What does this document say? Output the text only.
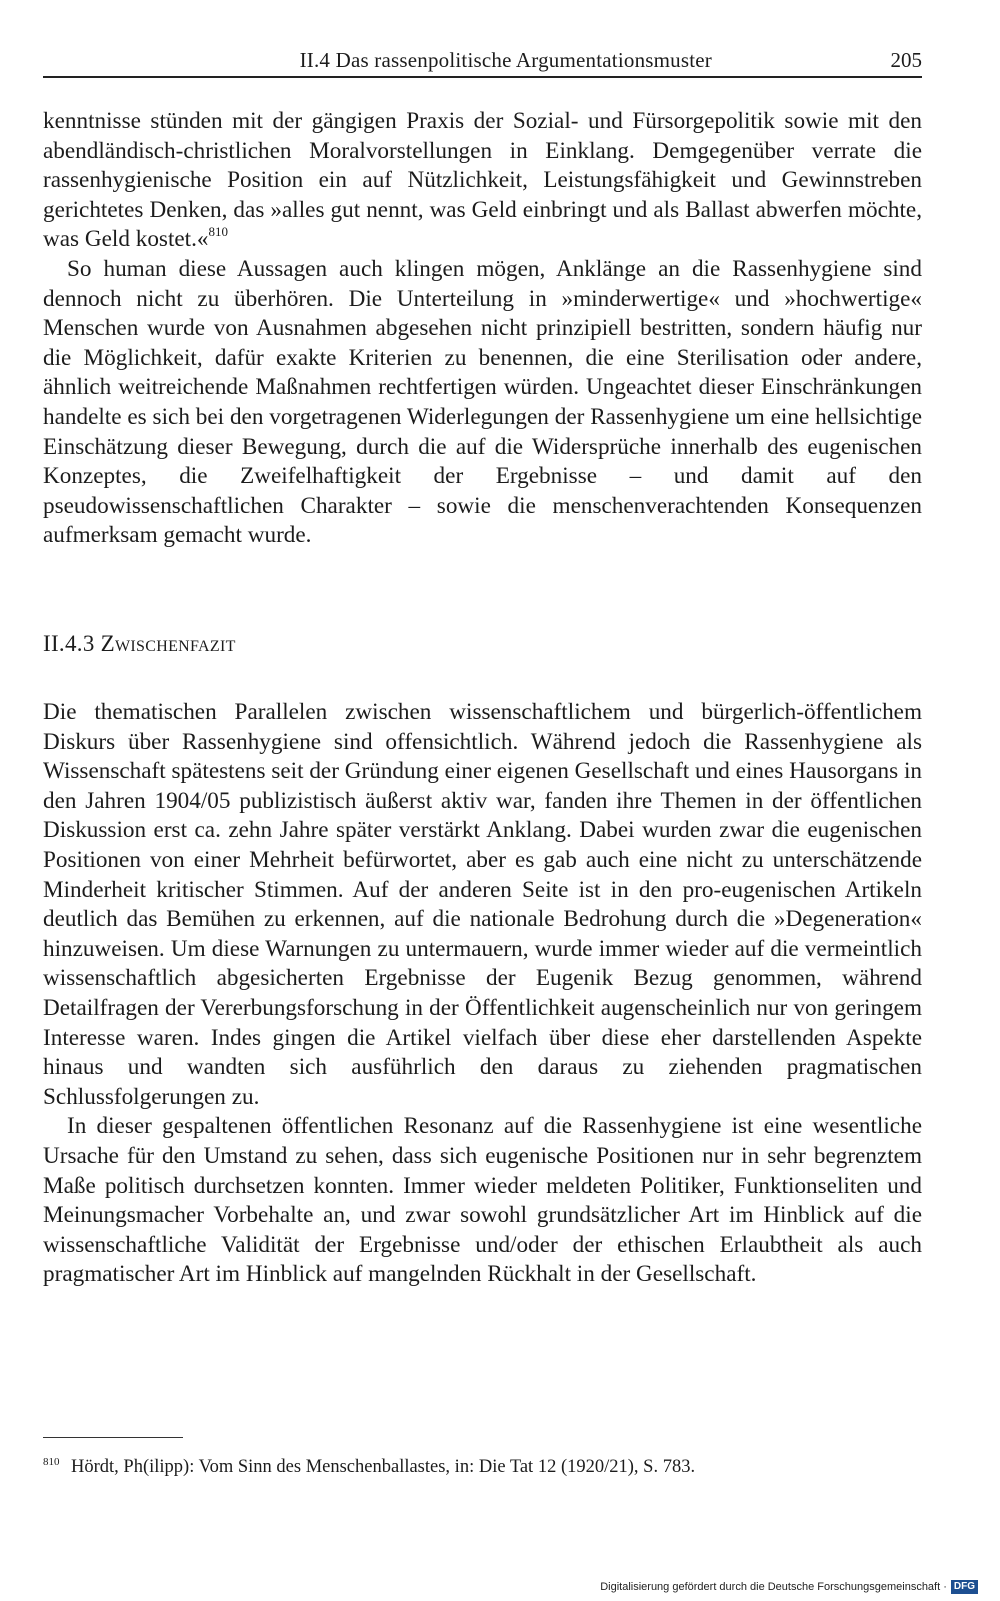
II.4 Das rassenpolitische Argumentationsmuster	205

kenntnisse stünden mit der gängigen Praxis der Sozial- und Fürsorgepolitik sowie mit den abendländisch-christlichen Moralvorstellungen in Einklang. Demgegenüber verrate die rassenhygienische Position ein auf Nützlichkeit, Leistungsfähigkeit und Gewinnstreben gerichtetes Denken, das »alles gut nennt, was Geld einbringt und als Ballast abwerfen möchte, was Geld kostet.«$^{810}$

So human diese Aussagen auch klingen mögen, Anklänge an die Rassenhygiene sind dennoch nicht zu überhören. Die Unterteilung in »minderwertige« und »hochwertige« Menschen wurde von Ausnahmen abgesehen nicht prinzipiell bestritten, sondern häufig nur die Möglichkeit, dafür exakte Kriterien zu benennen, die eine Sterilisation oder andere, ähnlich weitreichende Maßnahmen rechtfertigen würden. Ungeachtet dieser Einschränkungen handelte es sich bei den vorgetragenen Widerlegungen der Rassenhygiene um eine hellsichtige Einschätzung dieser Bewegung, durch die auf die Widersprüche innerhalb des eugenischen Konzeptes, die Zweifelhaftigkeit der Ergebnisse – und damit auf den pseudowissenschaftlichen Charakter – sowie die menschenverachtenden Konsequenzen aufmerksam gemacht wurde.

II.4.3 Zwischenfazit

Die thematischen Parallelen zwischen wissenschaftlichem und bürgerlich-öffentlichem Diskurs über Rassenhygiene sind offensichtlich. Während jedoch die Rassenhygiene als Wissenschaft spätestens seit der Gründung einer eigenen Gesellschaft und eines Hausorgans in den Jahren 1904/05 publizistisch äußerst aktiv war, fanden ihre Themen in der öffentlichen Diskussion erst ca. zehn Jahre später verstärkt Anklang. Dabei wurden zwar die eugenischen Positionen von einer Mehrheit befürwortet, aber es gab auch eine nicht zu unterschätzende Minderheit kritischer Stimmen. Auf der anderen Seite ist in den pro-eugenischen Artikeln deutlich das Bemühen zu erkennen, auf die nationale Bedrohung durch die »Degeneration« hinzuweisen. Um diese Warnungen zu untermauern, wurde immer wieder auf die vermeintlich wissenschaftlich abgesicherten Ergebnisse der Eugenik Bezug genommen, während Detailfragen der Vererbungsforschung in der Öffentlichkeit augenscheinlich nur von geringem Interesse waren. Indes gingen die Artikel vielfach über diese eher darstellenden Aspekte hinaus und wandten sich ausführlich den daraus zu ziehenden pragmatischen Schlussfolgerungen zu.

In dieser gespaltenen öffentlichen Resonanz auf die Rassenhygiene ist eine wesentliche Ursache für den Umstand zu sehen, dass sich eugenische Positionen nur in sehr begrenztem Maße politisch durchsetzen konnten. Immer wieder meldeten Politiker, Funktionseliten und Meinungsmacher Vorbehalte an, und zwar sowohl grundsätzlicher Art im Hinblick auf die wissenschaftliche Validität der Ergebnisse und/oder der ethischen Erlaubtheit als auch pragmatischer Art im Hinblick auf mangelnden Rückhalt in der Gesellschaft.

810 Hördt, Ph(ilipp): Vom Sinn des Menschenballastes, in: Die Tat 12 (1920/21), S. 783.
Digitalisierung gefördert durch die Deutsche Forschungsgemeinschaft · DFG
